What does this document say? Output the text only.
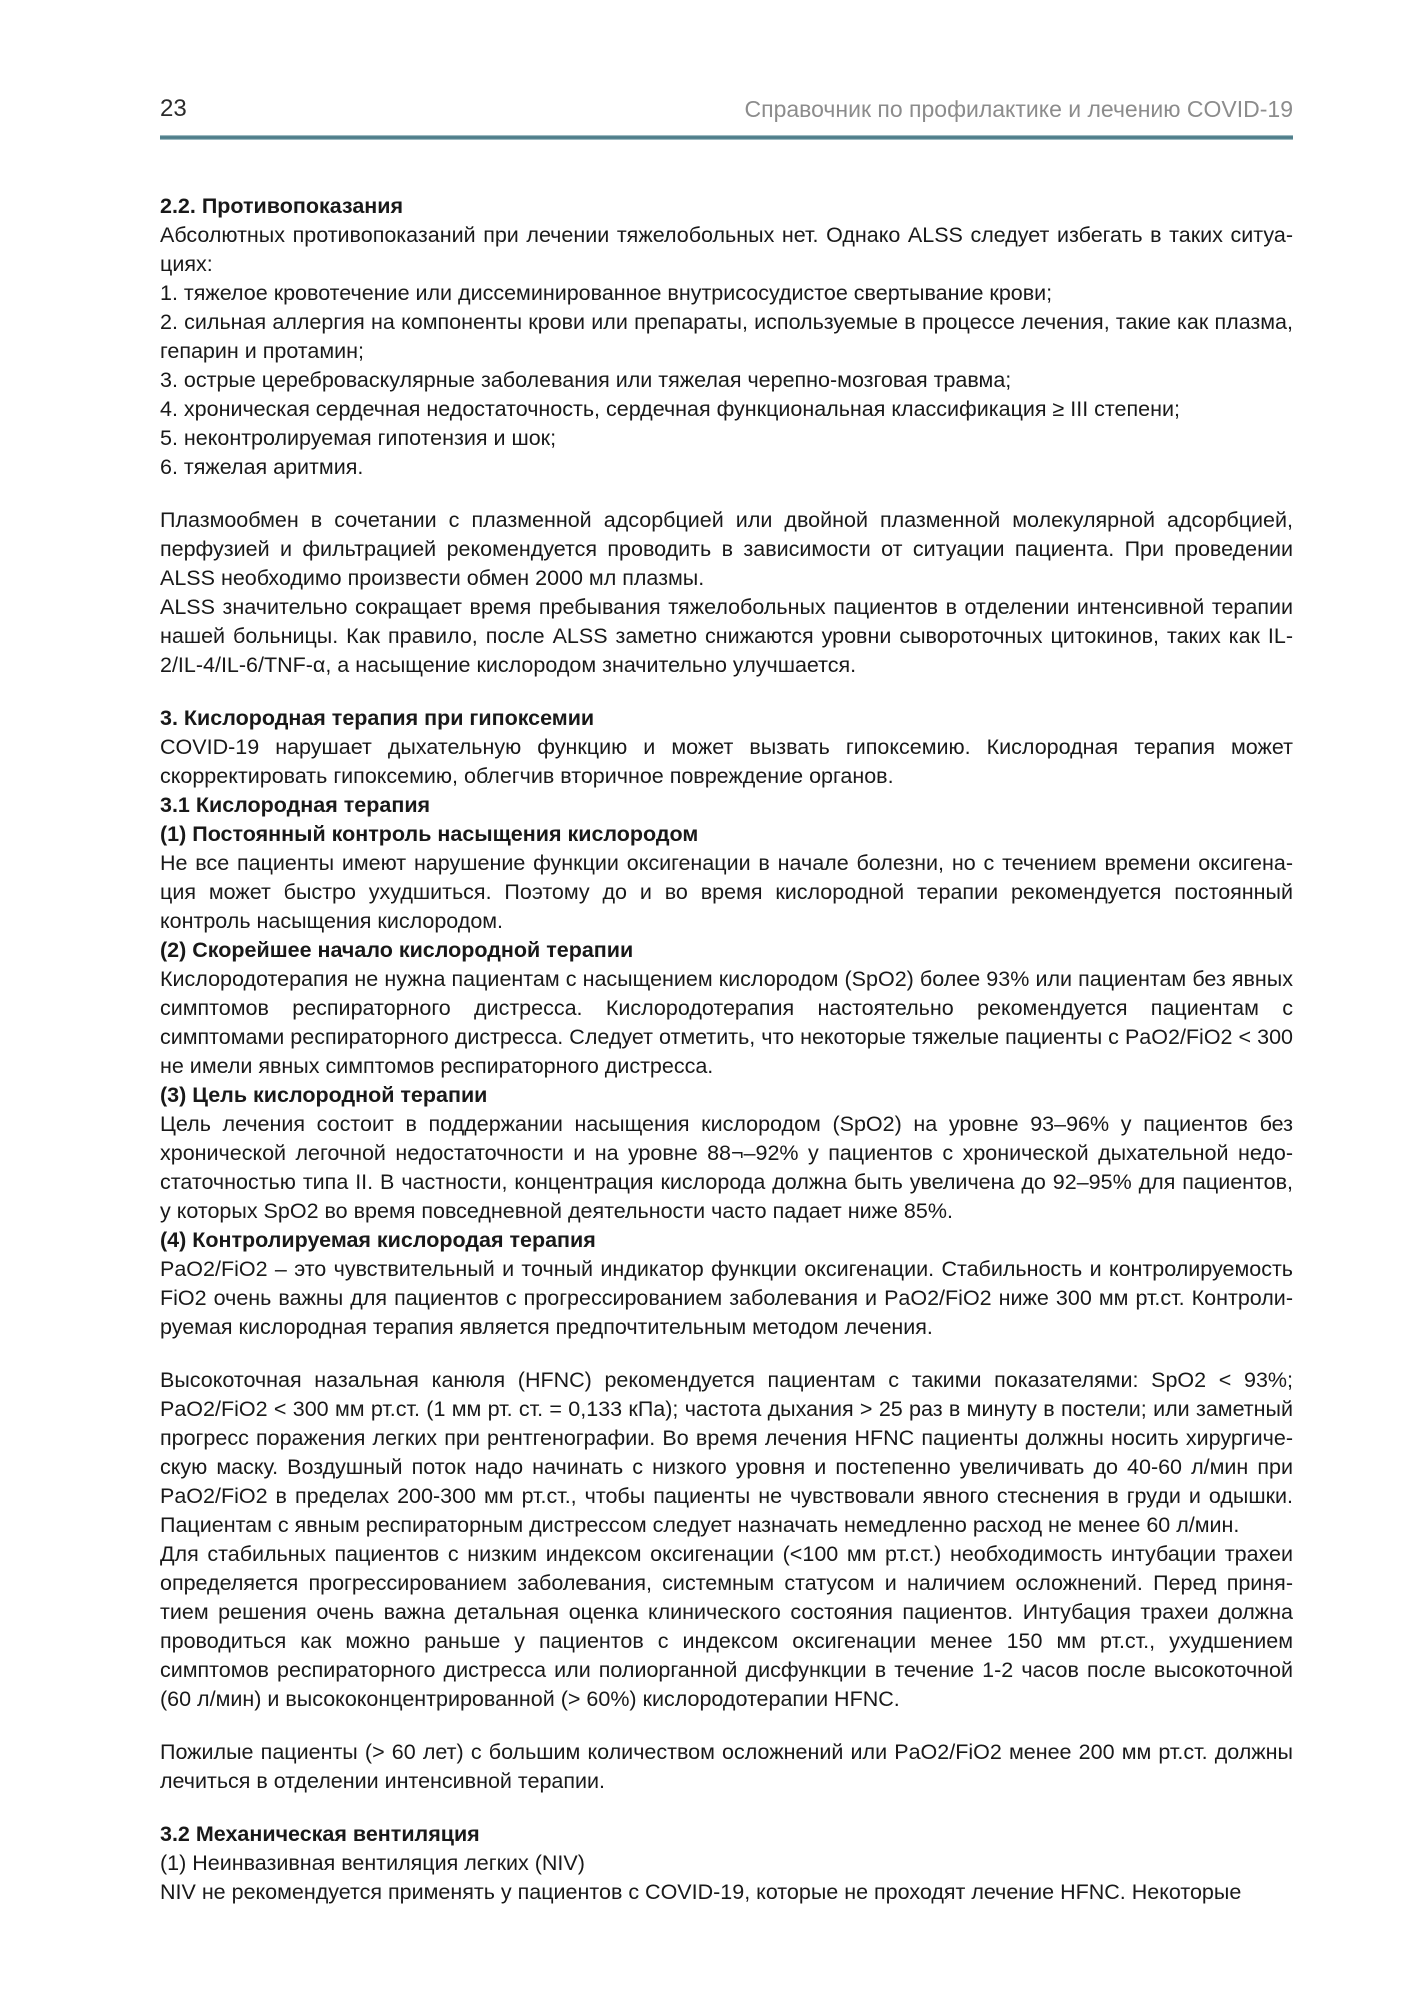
23	Справочник по профилактике и лечению COVID-19
2.2. Противопоказания
Абсолютных противопоказаний при лечении тяжелобольных нет. Однако ALSS следует избегать в таких ситуациях:
1. тяжелое кровотечение или диссеминированное внутрисосудистое свертывание крови;
2. сильная аллергия на компоненты крови или препараты, используемые в процессе лечения, такие как плазма, гепарин и протамин;
3. острые цереброваскулярные заболевания или тяжелая черепно-мозговая травма;
4. хроническая сердечная недостаточность, сердечная функциональная классификация ≥ III степени;
5. неконтролируемая гипотензия и шок;
6. тяжелая аритмия.
Плазмообмен в сочетании с плазменной адсорбцией или двойной плазменной молекулярной адсорбцией, перфузией и фильтрацией рекомендуется проводить в зависимости от ситуации пациента. При проведении ALSS необходимо произвести обмен 2000 мл плазмы.
ALSS значительно сокращает время пребывания тяжелобольных пациентов в отделении интенсивной терапии нашей больницы. Как правило, после ALSS заметно снижаются уровни сывороточных цитокинов, таких как IL-2/IL-4/IL-6/TNF-α, а насыщение кислородом значительно улучшается.
3. Кислородная терапия при гипоксемии
COVID-19 нарушает дыхательную функцию и может вызвать гипоксемию. Кислородная терапия может скорректировать гипоксемию, облегчив вторичное повреждение органов.
3.1 Кислородная терапия
(1) Постоянный контроль насыщения кислородом
Не все пациенты имеют нарушение функции оксигенации в начале болезни, но с течением времени оксигенация может быстро ухудшиться. Поэтому до и во время кислородной терапии рекомендуется постоянный контроль насыщения кислородом.
(2) Скорейшее начало кислородной терапии
Кислородотерапия не нужна пациентам с насыщением кислородом (SpO2) более 93% или пациентам без явных симптомов респираторного дистресса. Кислородотерапия настоятельно рекомендуется пациентам с симптомами респираторного дистресса. Следует отметить, что некоторые тяжелые пациенты с PaO2/FiO2 < 300 не имели явных симптомов респираторного дистресса.
(3) Цель кислородной терапии
Цель лечения состоит в поддержании насыщения кислородом (SpO2) на уровне 93–96% у пациентов без хронической легочной недостаточности и на уровне 88¬–92% у пациентов с хронической дыхательной недостаточностью типа II. В частности, концентрация кислорода должна быть увеличена до 92–95% для пациентов, у которых SpO2 во время повседневной деятельности часто падает ниже 85%.
(4) Контролируемая кислородая терапия
PaO2/FiO2 – это чувствительный и точный индикатор функции оксигенации. Стабильность и контролируемость FiO2 очень важны для пациентов с прогрессированием заболевания и PaO2/FiO2 ниже 300 мм рт.ст. Контролируемая кислородная терапия является предпочтительным методом лечения.
Высокоточная назальная канюля (HFNC) рекомендуется пациентам с такими показателями: SpO2 < 93%; PaO2/FiO2 < 300 мм рт.ст. (1 мм рт. ст. = 0,133 кПа); частота дыхания > 25 раз в минуту в постели; или заметный прогресс поражения легких при рентгенографии. Во время лечения HFNC пациенты должны носить хирургическую маску. Воздушный поток надо начинать с низкого уровня и постепенно увеличивать до 40-60 л/мин при PaO2/FiO2 в пределах 200-300 мм рт.ст., чтобы пациенты не чувствовали явного стеснения в груди и одышки. Пациентам с явным респираторным дистрессом следует назначать немедленно расход не менее 60 л/мин.
Для стабильных пациентов с низким индексом оксигенации (<100 мм рт.ст.) необходимость интубации трахеи определяется прогрессированием заболевания, системным статусом и наличием осложнений. Перед принятием решения очень важна детальная оценка клинического состояния пациентов. Интубация трахеи должна проводиться как можно раньше у пациентов с индексом оксигенации менее 150 мм рт.ст., ухудшением симптомов респираторного дистресса или полиорганной дисфункции в течение 1-2 часов после высокоточной (60 л/мин) и высококонцентрированной (> 60%) кислородотерапии HFNC.
Пожилые пациенты (> 60 лет) с большим количеством осложнений или PaO2/FiO2 менее 200 мм рт.ст. должны лечиться в отделении интенсивной терапии.
3.2 Механическая вентиляция
(1) Неинвазивная вентиляция легких (NIV)
NIV не рекомендуется применять у пациентов с COVID-19, которые не проходят лечение HFNC. Некоторые
